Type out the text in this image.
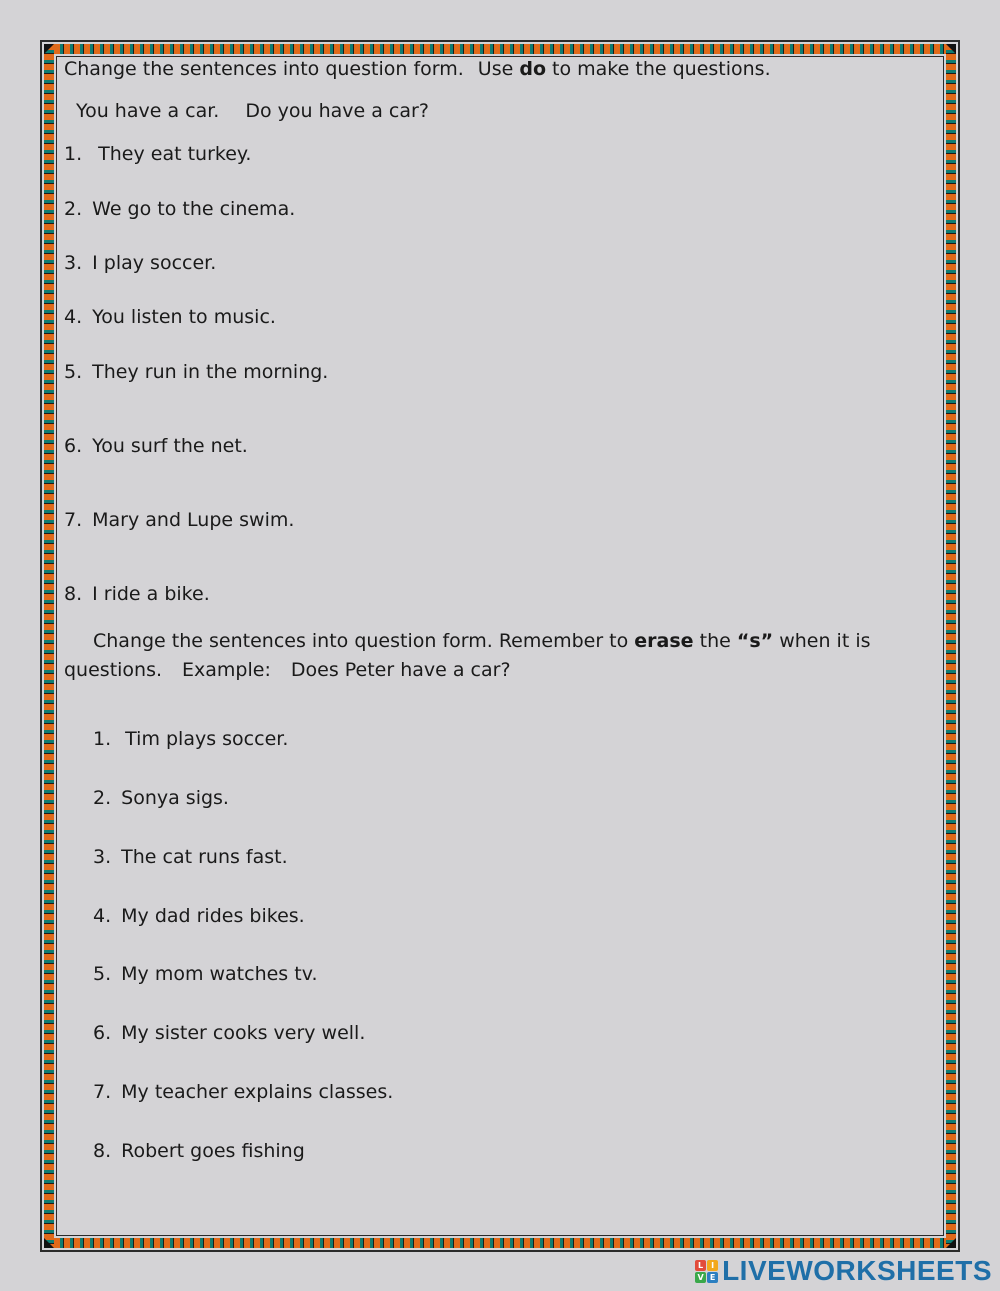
Change the sentences into question form. Use do to make the questions.
You have a car. Do you have a car?
1. They eat turkey.
2. We go to the cinema.
3. I play soccer.
4. You listen to music.
5. They run in the morning.
6. You surf the net.
7. Mary and Lupe swim.
8. I ride a bike.
Change the sentences into question form. Remember to erase the “s” when it is
questions. Example: Does Peter have a car?
1. Tim plays soccer.
2. Sonya sigs.
3. The cat runs fast.
4. My dad rides bikes.
5. My mom watches tv.
6. My sister cooks very well.
7. My teacher explains classes.
8. Robert goes fishing
L I
V E LIVEWORKSHEETS
